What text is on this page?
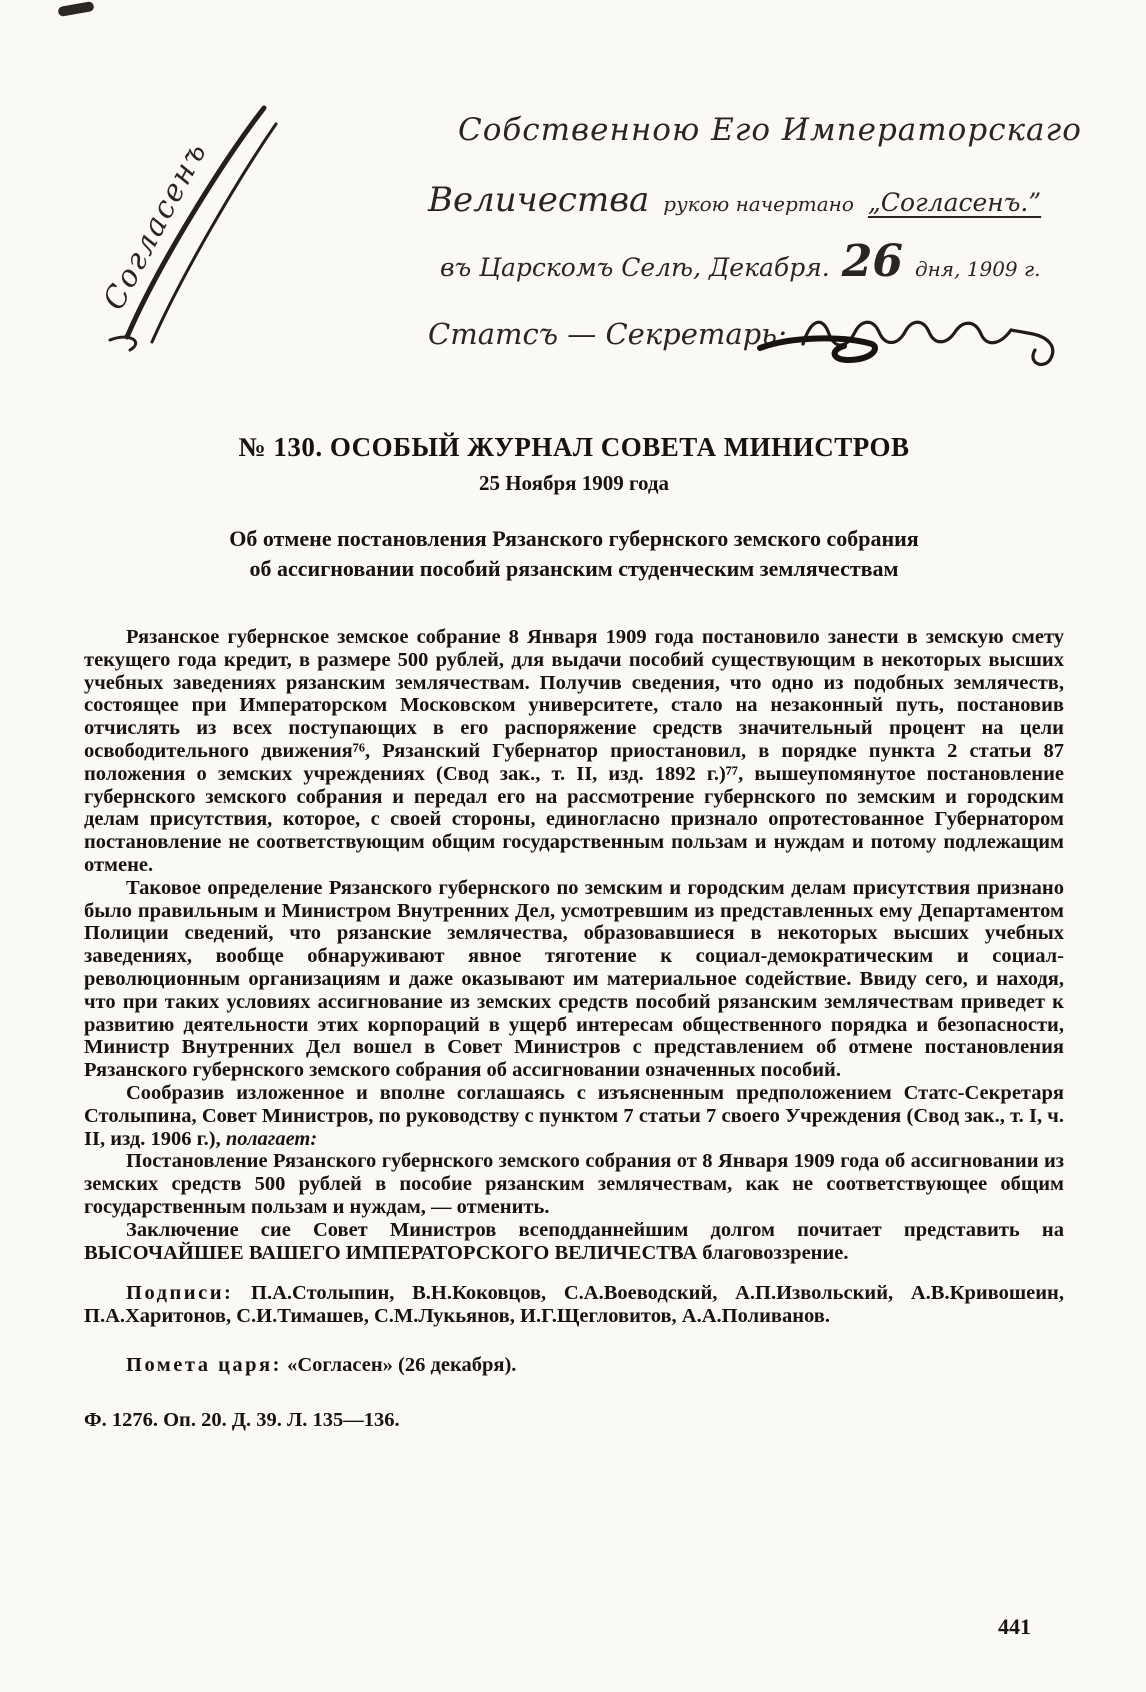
Согласенъ
Собственною Его Императорскаго
Величества рукою начертано „Согласенъ.”
въ Царскомъ Селѣ, Декабря. 26 дня, 1909 г.
Статсъ — Секретарь:
№ 130. ОСОБЫЙ ЖУРНАЛ СОВЕТА МИНИСТРОВ
25 Ноября 1909 года
Об отмене постановления Рязанского губернского земского собрания
об ассигновании пособий рязанским студенческим землячествам

Рязанское губернское земское собрание 8 Января 1909 года постановило занести в земскую смету текущего года кредит, в размере 500 рублей, для выдачи пособий существующим в некоторых высших учебных заведениях рязанским землячествам. Получив сведения, что одно из подобных землячеств, состоящее при Императорском Московском университете, стало на незаконный путь, постановив отчислять из всех поступающих в его распоряжение средств значительный процент на цели освободительного движения⁷⁶, Рязанский Губернатор приостановил, в порядке пункта 2 статьи 87 положения о земских учреждениях (Свод зак., т. II, изд. 1892 г.)⁷⁷, вышеупомянутое постановление губернского земского собрания и передал его на рассмотрение губернского по земским и городским делам присутствия, которое, с своей стороны, единогласно признало опротестованное Губернатором постановление не соответствующим общим государственным пользам и нуждам и потому подлежащим отмене.

Таковое определение Рязанского губернского по земским и городским делам присутствия признано было правильным и Министром Внутренних Дел, усмотревшим из представленных ему Департаментом Полиции сведений, что рязанские землячества, образовавшиеся в некоторых высших учебных заведениях, вообще обнаруживают явное тяготение к социал-демократическим и социал-революционным организациям и даже оказывают им материальное содействие. Ввиду сего, и находя, что при таких условиях ассигнование из земских средств пособий рязанским землячествам приведет к развитию деятельности этих корпораций в ущерб интересам общественного порядка и безопасности, Министр Внутренних Дел вошел в Совет Министров с представлением об отмене постановления Рязанского губернского земского собрания об ассигновании означенных пособий.

Сообразив изложенное и вполне соглашаясь с изъясненным предположением Статс-Секретаря Столыпина, Совет Министров, по руководству с пунктом 7 статьи 7 своего Учреждения (Свод зак., т. I, ч. II, изд. 1906 г.), полагает:

Постановление Рязанского губернского земского собрания от 8 Января 1909 года об ассигновании из земских средств 500 рублей в пособие рязанским землячествам, как не соответствующее общим государственным пользам и нуждам, — отменить.

Заключение сие Совет Министров всеподданнейшим долгом почитает представить на ВЫСОЧАЙШЕЕ ВАШЕГО ИМПЕРАТОРСКОГО ВЕЛИЧЕСТВА благовоззрение.

Подписи: П.А.Столыпин, В.Н.Коковцов, С.А.Воеводский, А.П.Извольский, А.В.Кривошеин, П.А.Харитонов, С.И.Тимашев, С.М.Лукьянов, И.Г.Щегловитов, А.А.Поливанов.

Помета царя: «Согласен» (26 декабря).

Ф. 1276. Оп. 20. Д. 39. Л. 135—136.

441
